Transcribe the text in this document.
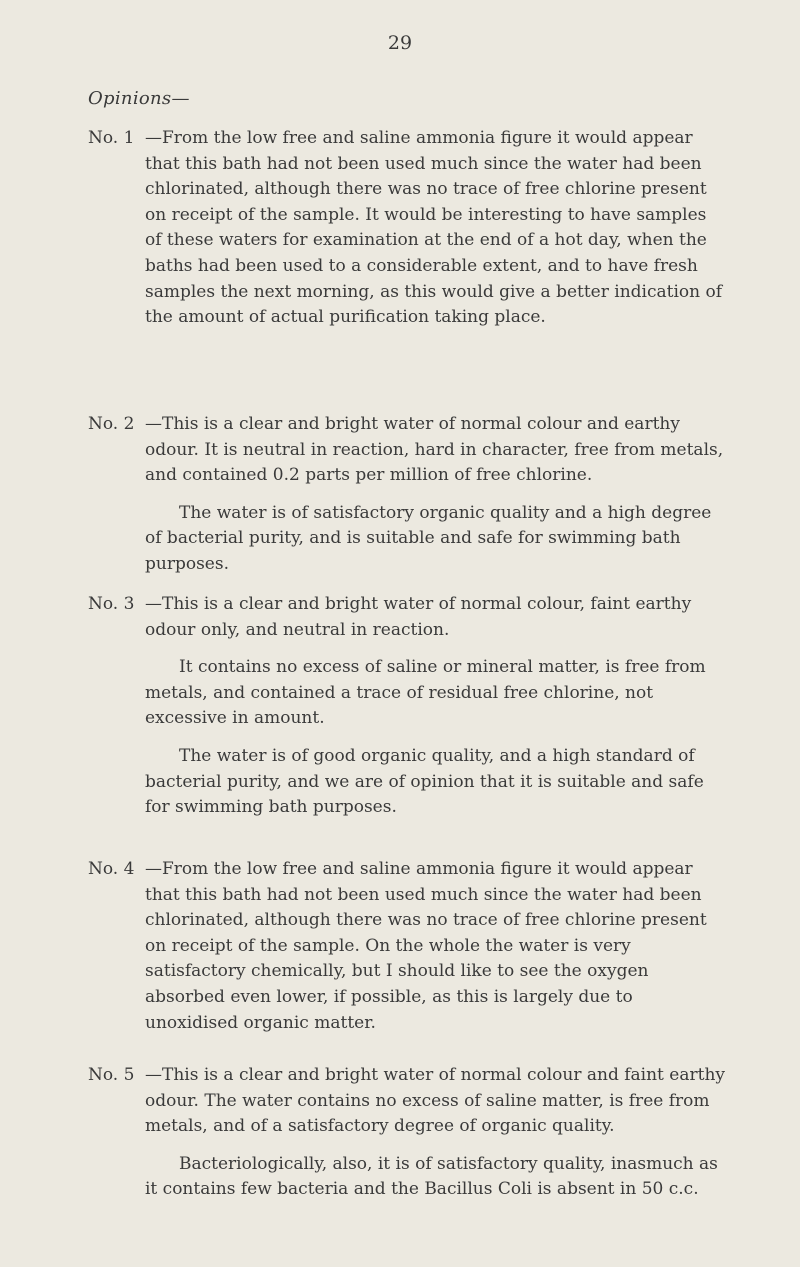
29
Opinions—

No. 1 —From the low free and saline ammonia figure it would appear that this bath had not been used much since the water had been chlorinated, although there was no trace of free chlorine present on receipt of the sample. It would be interesting to have samples of these waters for examination at the end of a hot day, when the baths had been used to a considerable extent, and to have fresh samples the next morning, as this would give a better indication of the amount of actual purification taking place.

No. 2 —This is a clear and bright water of normal colour and earthy odour. It is neutral in reaction, hard in character, free from metals, and contained 0.2 parts per million of free chlorine.

The water is of satisfactory organic quality and a high degree of bacterial purity, and is suitable and safe for swimming bath purposes.

No. 3 —This is a clear and bright water of normal colour, faint earthy odour only, and neutral in reaction.

It contains no excess of saline or mineral matter, is free from metals, and contained a trace of residual free chlorine, not excessive in amount.

The water is of good organic quality, and a high standard of bacterial purity, and we are of opinion that it is suitable and safe for swimming bath purposes.

No. 4 —From the low free and saline ammonia figure it would appear that this bath had not been used much since the water had been chlorinated, although there was no trace of free chlorine present on receipt of the sample. On the whole the water is very satisfactory chemically, but I should like to see the oxygen absorbed even lower, if possible, as this is largely due to unoxidised organic matter.

No. 5 —This is a clear and bright water of normal colour and faint earthy odour. The water contains no excess of saline matter, is free from metals, and of a satisfactory degree of organic quality.

Bacteriologically, also, it is of satisfactory quality, inasmuch as it contains few bacteria and the Bacillus Coli is absent in 50 c.c.
